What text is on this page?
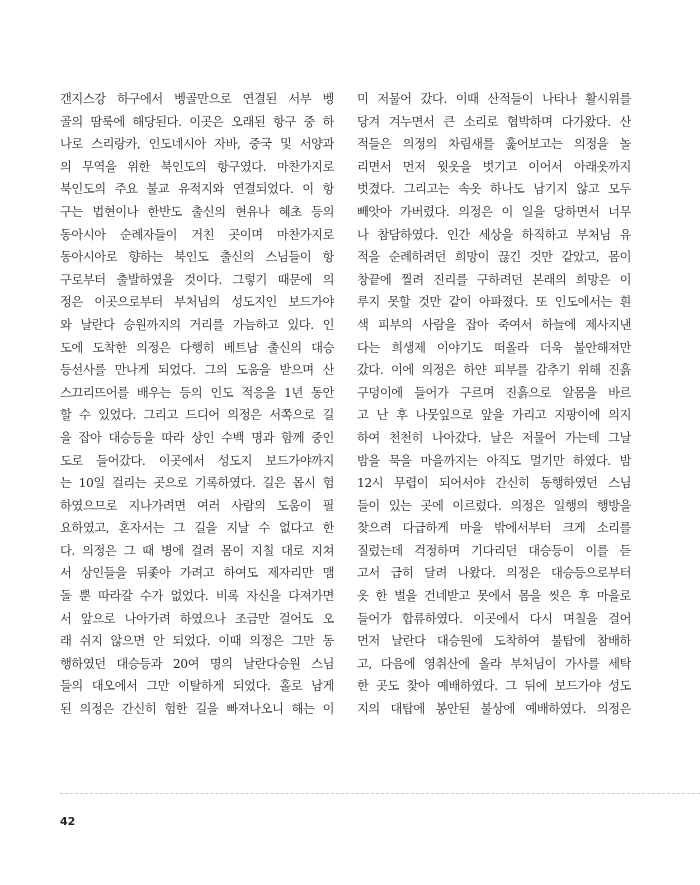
갠지스강 하구에서 벵골만으로 연결된 서부 벵
골의 땀룩에 해당된다. 이곳은 오래된 항구 중 하
나로 스리랑카, 인도네시아 자바, 중국 및 서양과
의 무역을 위한 북인도의 항구였다. 마찬가지로
북인도의 주요 불교 유적지와 연결되었다. 이 항
구는 법현이나 한반도 출신의 현유나 혜초 등의
동아시아 순례자들이 거친 곳이며 마찬가지로
동아시아로 향하는 북인도 출신의 스님들이 항
구로부터 출발하였을 것이다. 그렇기 때문에 의
정은 이곳으로부터 부처님의 성도지인 보드가야
와 날란다 승원까지의 거리를 가늠하고 있다. 인
도에 도착한 의정은 다행히 베트남 출신의 대승
등선사를 만나게 되었다. 그의 도움을 받으며 산
스끄리뜨어를 배우는 등의 인도 적응을 1년 동안
할 수 있었다. 그리고 드디어 의정은 서쪽으로 길
을 잡아 대승등을 따라 상인 수백 명과 함께 중인
도로 들어갔다. 이곳에서 성도지 보드가야까지
는 10일 걸리는 곳으로 기록하였다. 길은 몹시 험
하였으므로 지나가려면 여러 사람의 도움이 필
요하였고, 혼자서는 그 길을 지날 수 없다고 한
다. 의정은 그 때 병에 걸려 몸이 지칠 대로 지쳐
서 상인들을 뒤좇아 가려고 하여도 제자리만 맴
돌 뿐 따라갈 수가 없었다. 비록 자신을 다져가면
서 앞으로 나아가려 하였으나 조금만 걸어도 오
래 쉬지 않으면 안 되었다. 이때 의정은 그만 동
행하였던 대승등과 20여 명의 날란다승원 스님
들의 대오에서 그만 이탈하게 되었다. 홀로 남게
된 의정은 간신히 험한 길을 빠져나오니 해는 이
미 저물어 갔다. 이때 산적들이 나타나 활시위를
당겨 겨누면서 큰 소리로 협박하며 다가왔다. 산
적들은 의정의 차림새를 훑어보고는 의정을 놀
리면서 먼저 윗옷을 벗기고 이어서 아래옷까지
벗겼다. 그리고는 속옷 하나도 남기지 않고 모두
빼앗아 가버렸다. 의정은 이 일을 당하면서 너무
나 참담하였다. 인간 세상을 하직하고 부처님 유
적을 순례하려던 희망이 끊긴 것만 같았고, 몸이
창끝에 찔려 진리를 구하려던 본래의 희망은 이
루지 못할 것만 같이 아파졌다. 또 인도에서는 흰
색 피부의 사람을 잡아 죽여서 하늘에 제사지낸
다는 희생제 이야기도 떠올라 더욱 불안해져만
갔다. 이에 의정은 하얀 피부를 감추기 위해 진흙
구덩이에 들어가 구르며 진흙으로 알몸을 바르
고 난 후 나뭇잎으로 앞을 가리고 지팡이에 의지
하여 천천히 나아갔다. 날은 저물어 가는데 그날
밤을 묵을 마을까지는 아직도 멀기만 하였다. 밤
12시 무렵이 되어서야 간신히 동행하였던 스님
들이 있는 곳에 이르렀다. 의정은 일행의 행방을
찾으려 다급하게 마을 밖에서부터 크게 소리를
질렀는데 걱정하며 기다리던 대승등이 이를 듣
고서 급히 달려 나왔다. 의정은 대승등으로부터
옷 한 벌을 건네받고 못에서 몸을 씻은 후 마을로
들어가 합류하였다. 이곳에서 다시 며칠을 걸어
먼저 날란다 대승원에 도착하여 불탑에 참배하
고, 다음에 영취산에 올라 부처님이 가사를 세탁
한 곳도 찾아 예배하였다. 그 뒤에 보드가야 성도
지의 대탑에 봉안된 불상에 예배하였다. 의정은
42
